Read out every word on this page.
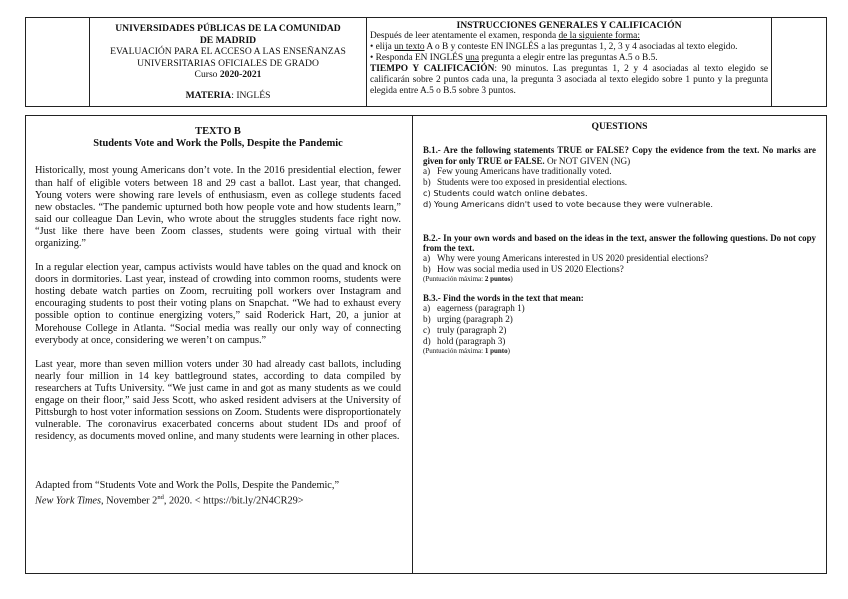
UNIVERSIDADES PÚBLICAS DE LA COMUNIDAD
DE MADRID
EVALUACIÓN PARA EL ACCESO A LAS ENSEÑANZAS
UNIVERSITARIAS OFICIALES DE GRADO
Curso 2020-2021
MATERIA: INGLÉS
INSTRUCCIONES GENERALES Y CALIFICACIÓN
Después de leer atentamente el examen, responda de la siguiente forma:
• elija un texto A o B y conteste EN INGLÉS a las preguntas 1, 2, 3 y 4 asociadas al texto elegido.
• Responda EN INGLÉS una pregunta a elegir entre las preguntas A.5 o B.5.
TIEMPO Y CALIFICACIÓN: 90 minutos. Las preguntas 1, 2 y 4 asociadas al texto elegido se calificarán sobre 2 puntos cada una, la pregunta 3 asociada al texto elegido sobre 1 punto y la pregunta elegida entre A.5 o B.5 sobre 3 puntos.
TEXTO B
Students Vote and Work the Polls, Despite the Pandemic

Historically, most young Americans don’t vote. In the 2016 presidential election, fewer than half of eligible voters between 18 and 29 cast a ballot. Last year, that changed. Young voters were showing rare levels of enthusiasm, even as college students faced new obstacles. “The pandemic upturned both how people vote and how students learn,” said our colleague Dan Levin, who wrote about the struggles students face right now. “Just like there have been Zoom classes, students were going virtual with their organizing.”

In a regular election year, campus activists would have tables on the quad and knock on doors in dormitories. Last year, instead of crowding into common rooms, students were hosting debate watch parties on Zoom, recruiting poll workers over Instagram and encouraging students to post their voting plans on Snapchat. “We had to exhaust every possible option to continue energizing voters,” said Roderick Hart, 20, a junior at Morehouse College in Atlanta. “Social media was really our only way of connecting everybody at once, considering we weren’t on campus.”

Last year, more than seven million voters under 30 had already cast ballots, including nearly four million in 14 key battleground states, according to data compiled by researchers at Tufts University. “We just came in and got as many students as we could engage on their floor,” said Jess Scott, who asked resident advisers at the University of Pittsburgh to host voter information sessions on Zoom. Students were disproportionately vulnerable. The coronavirus exacerbated concerns about student IDs and proof of residency, as documents moved online, and many students were learning in other places.

Adapted from “Students Vote and Work the Polls, Despite the Pandemic,”
New York Times, November 2nd, 2020. < https://bit.ly/2N4CR29>
QUESTIONS
B.1.- Are the following statements TRUE or FALSE? Copy the evidence from the text. No marks are given for only TRUE or FALSE. Or NOT GIVEN (NG)
a) Few young Americans have traditionally voted.
b) Students were too exposed in presidential elections.
c) Students could watch online debates.
d) Young Americans didn't used to vote because they were vulnerable.
B.2.- In your own words and based on the ideas in the text, answer the following questions. Do not copy from the text.
a) Why were young Americans interested in US 2020 presidential elections?
b) How was social media used in US 2020 Elections?
(Puntuación máxima: 2 puntos)
B.3.- Find the words in the text that mean:
a) eagerness (paragraph 1)
b) urging (paragraph 2)
c) truly (paragraph 2)
d) hold (paragraph 3)
(Puntuación máxima: 1 punto)
